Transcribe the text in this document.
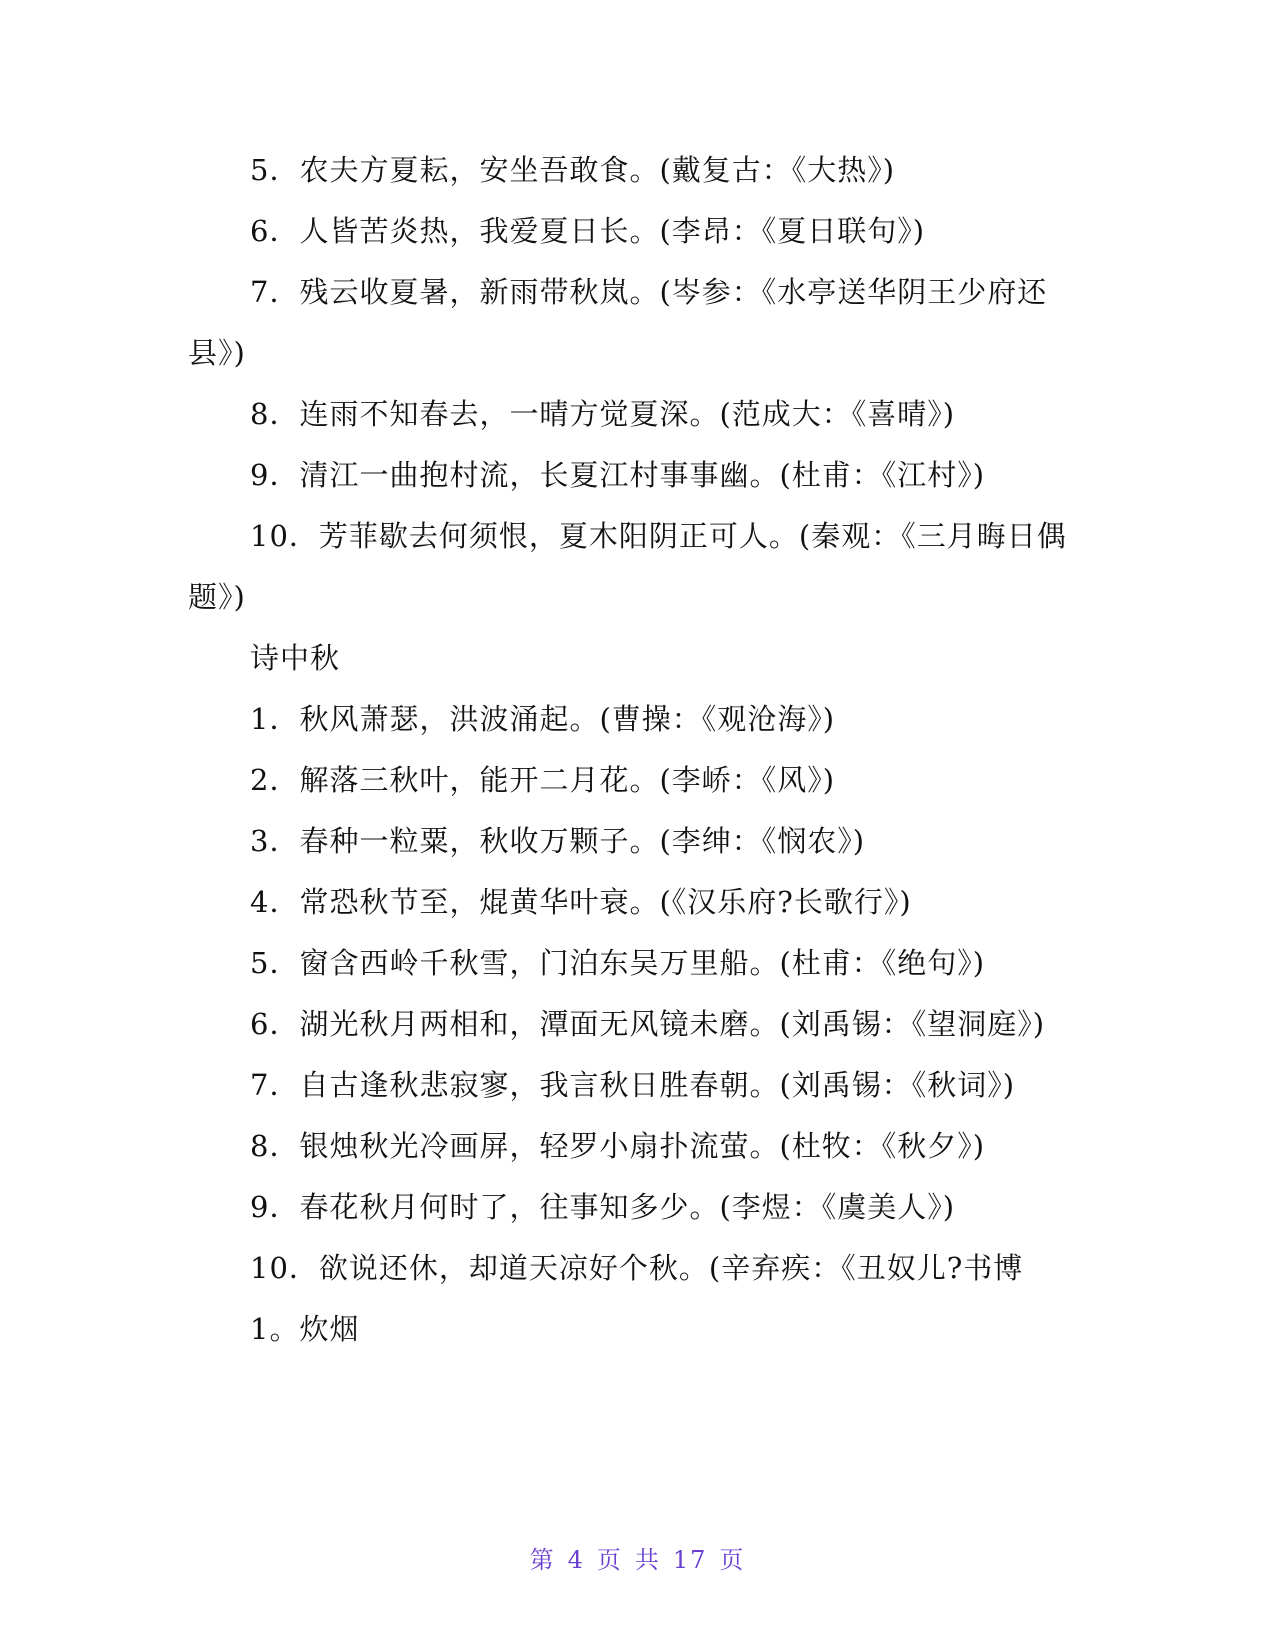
5．农夫方夏耘，安坐吾敢食。(戴复古：《大热》)

6．人皆苦炎热，我爱夏日长。(李昂：《夏日联句》)

7．残云收夏暑，新雨带秋岚。(岑参：《水亭送华阴王少府还县》)

8．连雨不知春去，一晴方觉夏深。(范成大：《喜晴》)

9．清江一曲抱村流，长夏江村事事幽。(杜甫：《江村》)

10．芳菲歇去何须恨，夏木阳阴正可人。(秦观：《三月晦日偶题》)

诗中秋

1．秋风萧瑟，洪波涌起。(曹操：《观沧海》)

2．解落三秋叶，能开二月花。(李峤：《风》)

3．春种一粒粟，秋收万颗子。(李绅：《悯农》)

4．常恐秋节至，焜黄华叶衰。(《汉乐府?长歌行》)

5．窗含西岭千秋雪，门泊东吴万里船。(杜甫：《绝句》)

6．湖光秋月两相和，潭面无风镜未磨。(刘禹锡：《望洞庭》)

7．自古逢秋悲寂寥，我言秋日胜春朝。(刘禹锡：《秋词》)

8．银烛秋光冷画屏，轻罗小扇扑流萤。(杜牧：《秋夕》)

9．春花秋月何时了，往事知多少。(李煜：《虞美人》)

10．欲说还休，却道天凉好个秋。(辛弃疾：《丑奴儿?书博

1。炊烟

第 4 页 共 17 页
